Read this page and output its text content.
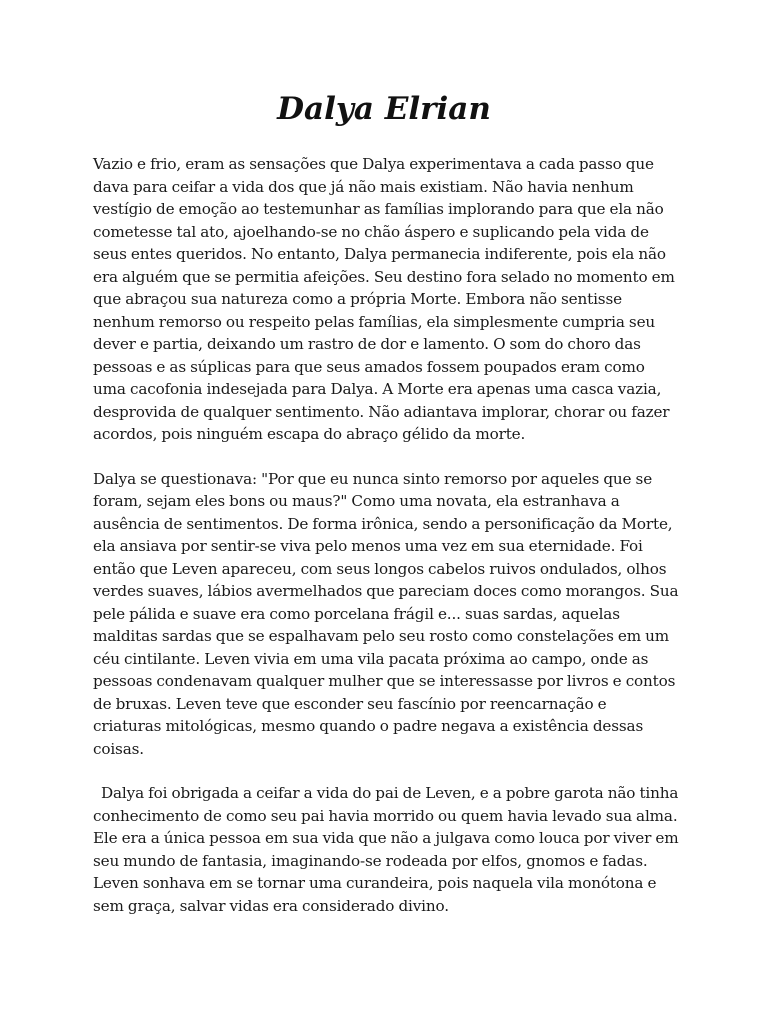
Dalya Elrian

Vazio e frio, eram as sensações que Dalya experimentava a cada passo que dava para ceifar a vida dos que já não mais existiam. Não havia nenhum vestígio de emoção ao testemunhar as famílias implorando para que ela não cometesse tal ato, ajoelhando-se no chão áspero e suplicando pela vida de seus entes queridos. No entanto, Dalya permanecia indiferente, pois ela não era alguém que se permitia afeições. Seu destino fora selado no momento em que abraçou sua natureza como a própria Morte. Embora não sentisse nenhum remorso ou respeito pelas famílias, ela simplesmente cumpria seu dever e partia, deixando um rastro de dor e lamento. O som do choro das pessoas e as súplicas para que seus amados fossem poupados eram como uma cacofonia indesejada para Dalya. A Morte era apenas uma casca vazia, desprovida de qualquer sentimento. Não adiantava implorar, chorar ou fazer acordos, pois ninguém escapa do abraço gélido da morte.

Dalya se questionava: "Por que eu nunca sinto remorso por aqueles que se foram, sejam eles bons ou maus?" Como uma novata, ela estranhava a ausência de sentimentos. De forma irônica, sendo a personificação da Morte, ela ansiava por sentir-se viva pelo menos uma vez em sua eternidade. Foi então que Leven apareceu, com seus longos cabelos ruivos ondulados, olhos verdes suaves, lábios avermelhados que pareciam doces como morangos. Sua pele pálida e suave era como porcelana frágil e... suas sardas, aquelas malditas sardas que se espalhavam pelo seu rosto como constelações em um céu cintilante. Leven vivia em uma vila pacata próxima ao campo, onde as pessoas condenavam qualquer mulher que se interessasse por livros e contos de bruxas. Leven teve que esconder seu fascínio por reencarnação e criaturas mitológicas, mesmo quando o padre negava a existência dessas coisas.

Dalya foi obrigada a ceifar a vida do pai de Leven, e a pobre garota não tinha conhecimento de como seu pai havia morrido ou quem havia levado sua alma. Ele era a única pessoa em sua vida que não a julgava como louca por viver em seu mundo de fantasia, imaginando-se rodeada por elfos, gnomos e fadas. Leven sonhava em se tornar uma curandeira, pois naquela vila monótona e sem graça, salvar vidas era considerado divino.
